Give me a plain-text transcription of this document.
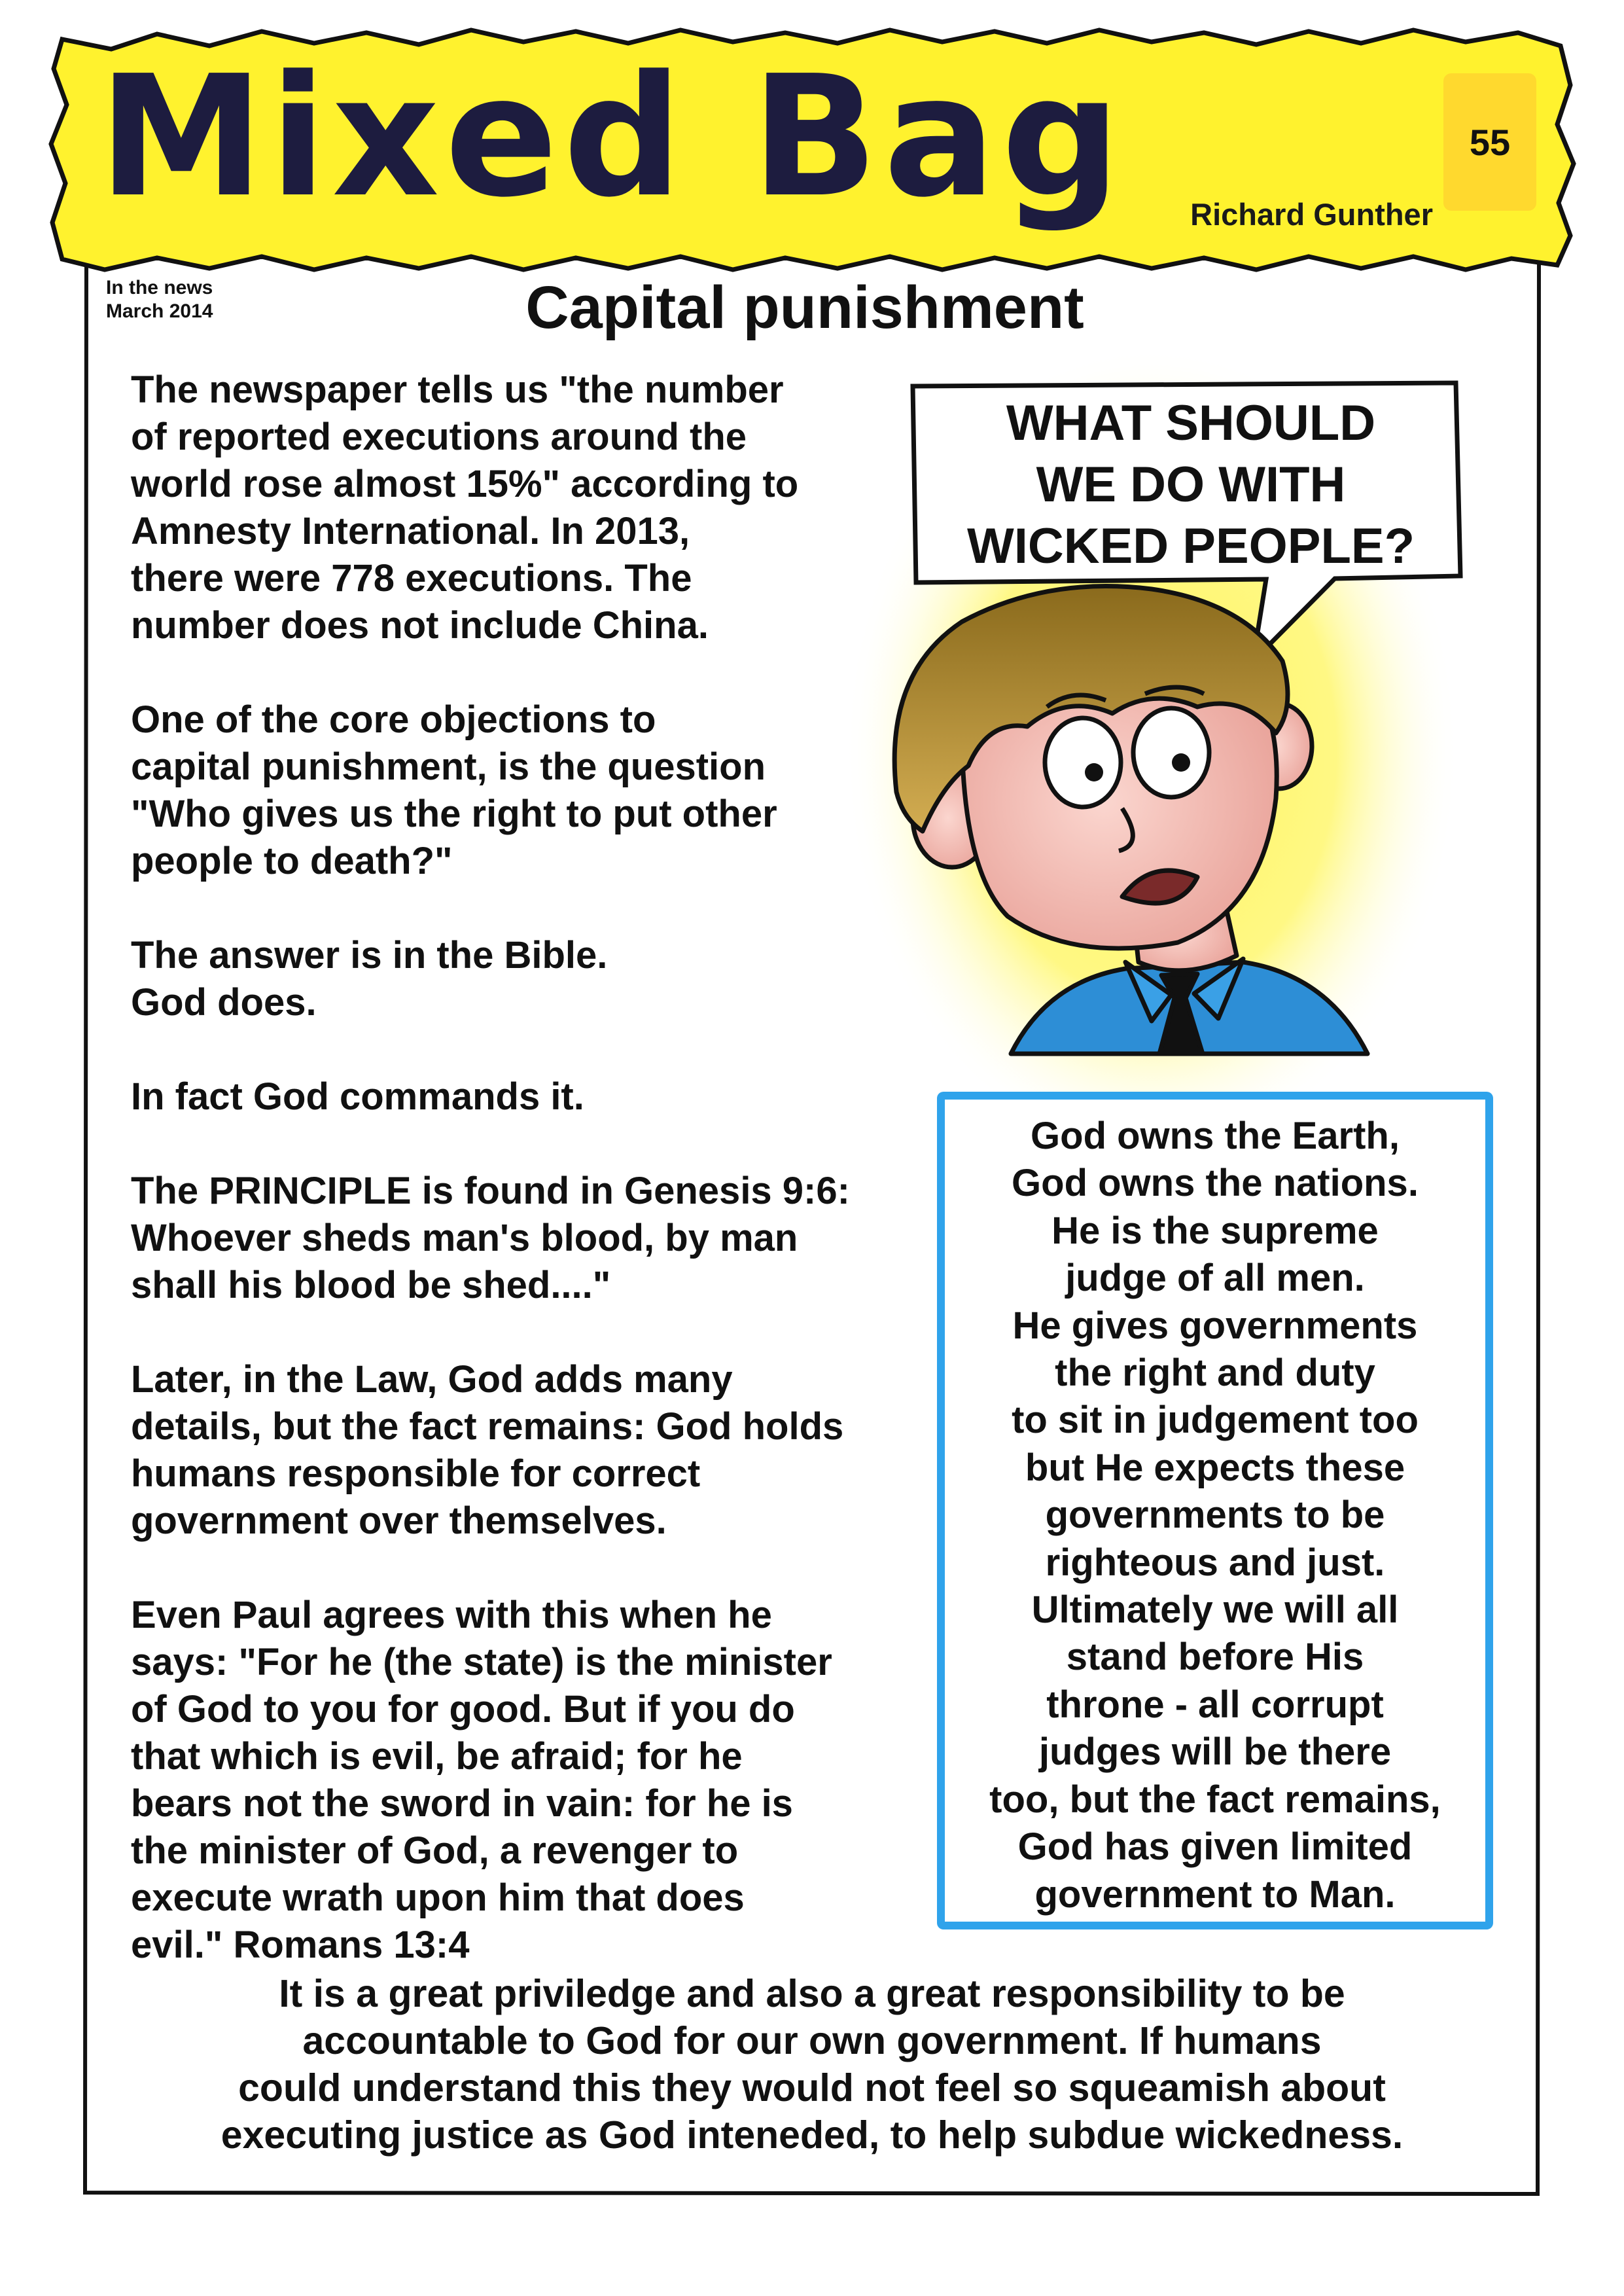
Mixed Bag	55
Richard Gunther
In the news
March 2014	Capital punishment

The newspaper tells us "the number
of reported executions around the
world rose almost 15%" according to
Amnesty International. In 2013,
there were 778 executions. The
number does not include China.

One of the core objections to
capital punishment, is the question
"Who gives us the right to put other
people to death?"

The answer is in the Bible.
God does.

In fact God commands it.

The PRINCIPLE is found in Genesis 9:6:
Whoever sheds man's blood, by man
shall his blood be shed...."

Later, in the Law, God adds many
details, but the fact remains: God holds
humans responsible for correct
government over themselves.

Even Paul agrees with this when he
says: "For he (the state) is the minister
of God to you for good. But if you do
that which is evil, be afraid; for he
bears not the sword in vain: for he is
the minister of God, a revenger to
execute wrath upon him that does
evil." Romans 13:4

WHAT SHOULD
WE DO WITH
WICKED PEOPLE?
God owns the Earth,
God owns the nations.
He is the supreme
judge of all men.
He gives governments
the right and duty
to sit in judgement too
but He expects these
governments to be
righteous and just.
Ultimately we will all
stand before His
throne - all corrupt
judges will be there
too, but the fact remains,
God has given limited
government to Man.
It is a great priviledge and also a great responsibility to be
accountable to God for our own government. If humans
could understand this they would not feel so squeamish about
executing justice as God inteneded, to help subdue wickedness.
